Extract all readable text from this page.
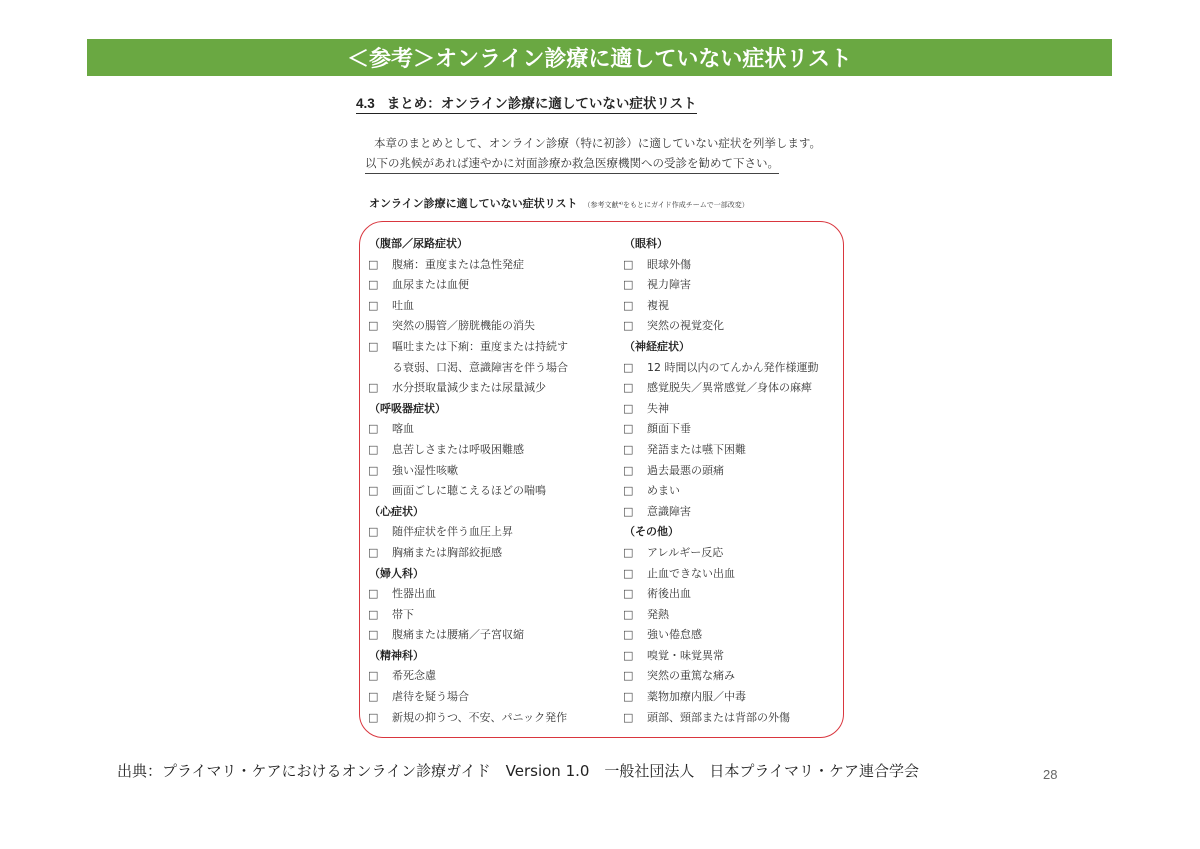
＜参考＞オンライン診療に適していない症状リスト
4.3 まとめ：オンライン診療に適していない症状リスト
本章のまとめとして、オンライン診療（特に初診）に適していない症状を列挙します。
以下の兆候があれば速やかに対面診療か救急医療機関への受診を勧めて下さい。
オンライン診療に適していない症状リスト （参考文献⁴⁾をもとにガイド作成チームで一部改変）
（腹部／尿路症状）
□ 腹痛：重度または急性発症
□ 血尿または血便
□ 吐血
□ 突然の腸管／膀胱機能の消失
□ 嘔吐または下痢：重度または持続す
る衰弱、口渇、意識障害を伴う場合
□ 水分摂取量減少または尿量減少
（呼吸器症状）
□ 喀血
□ 息苦しさまたは呼吸困難感
□ 強い湿性咳嗽
□ 画面ごしに聴こえるほどの喘鳴
（心症状）
□ 随伴症状を伴う血圧上昇
□ 胸痛または胸部絞扼感
（婦人科）
□ 性器出血
□ 帯下
□ 腹痛または腰痛／子宮収縮
（精神科）
□ 希死念慮
□ 虐待を疑う場合
□ 新規の抑うつ、不安、パニック発作
（眼科）
□ 眼球外傷
□ 視力障害
□ 複視
□ 突然の視覚変化
（神経症状）
□ 12 時間以内のてんかん発作様運動
□ 感覚脱失／異常感覚／身体の麻痺
□ 失神
□ 顔面下垂
□ 発語または嚥下困難
□ 過去最悪の頭痛
□ めまい
□ 意識障害
（その他）
□ アレルギー反応
□ 止血できない出血
□ 術後出血
□ 発熱
□ 強い倦怠感
□ 嗅覚・味覚異常
□ 突然の重篤な痛み
□ 薬物加療内服／中毒
□ 頭部、頸部または背部の外傷
出典：プライマリ・ケアにおけるオンライン診療ガイド　Version 1.0　一般社団法人　日本プライマリ・ケア連合学会	28
